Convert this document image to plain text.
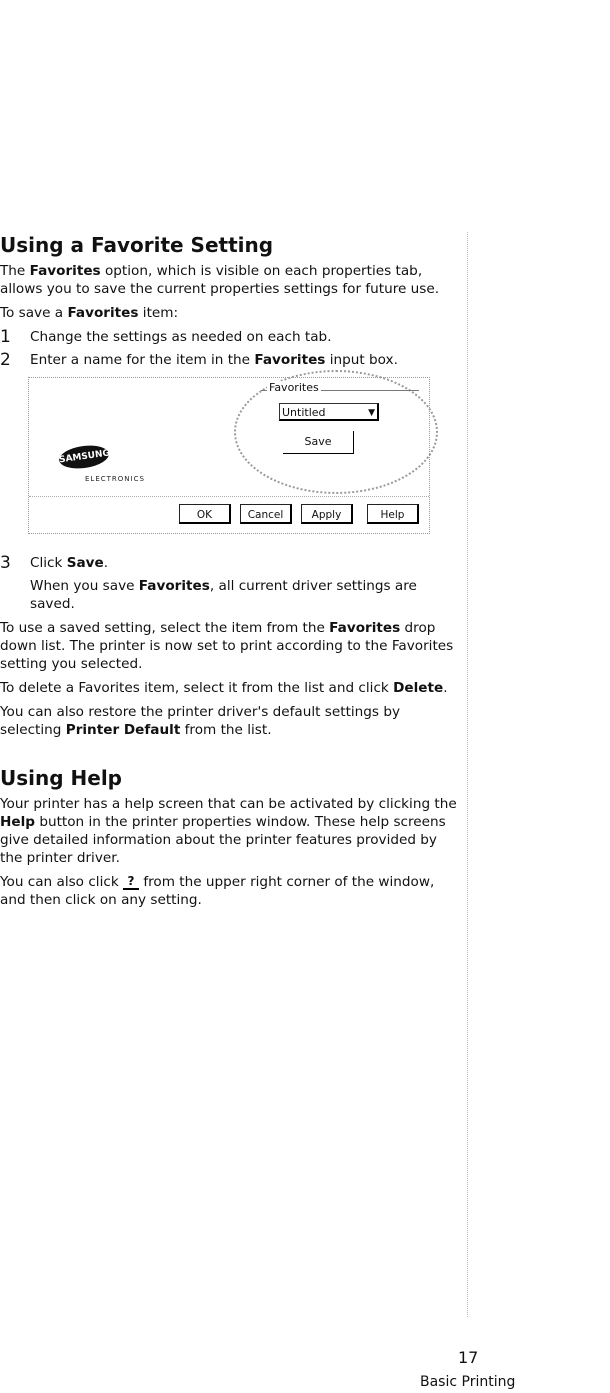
Using a Favorite Setting

The Favorites option, which is visible on each properties tab, allows you to save the current properties settings for future use.

To save a Favorites item:

1 Change the settings as needed on each tab.
2 Enter a name for the item in the Favorites input box.
Favorites
Untitled	▼
Save
SAMSUNG
ELECTRONICS
OK	Cancel	Apply	Help
3 Click Save.

When you save Favorites, all current driver settings are saved.

To use a saved setting, select the item from the Favorites drop down list. The printer is now set to print according to the Favorites setting you selected.

To delete a Favorites item, select it from the list and click Delete.

You can also restore the printer driver's default settings by selecting Printer Default from the list.

Using Help

Your printer has a help screen that can be activated by clicking the Help button in the printer properties window. These help screens give detailed information about the printer features provided by the printer driver.

You can also click ? from the upper right corner of the window, and then click on any setting.

17
Basic Printing
